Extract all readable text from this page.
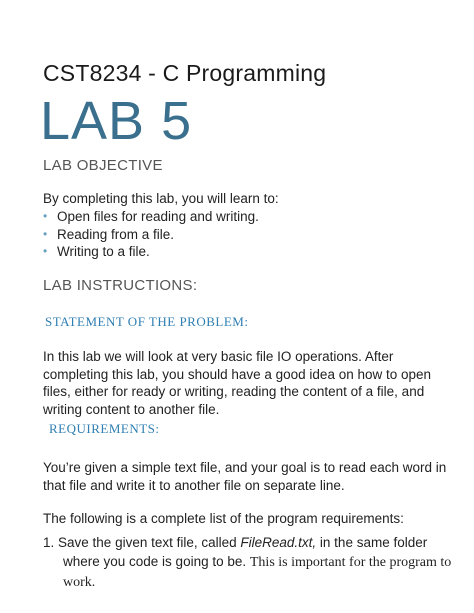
CST8234 - C Programming
LAB 5
LAB OBJECTIVE
By completing this lab, you will learn to:
• Open files for reading and writing.
• Reading from a file.
• Writing to a file.
LAB INSTRUCTIONS:
STATEMENT OF THE PROBLEM:
In this lab we will look at very basic file IO operations. After
completing this lab, you should have a good idea on how to open
files, either for ready or writing, reading the content of a file, and
writing content to another file.
REQUIREMENTS:
You’re given a simple text file, and your goal is to read each word in
that file and write it to another file on separate line.
The following is a complete list of the program requirements:
1. Save the given text file, called FileRead.txt, in the same folder
where you code is going to be. This is important for the program to
work.
